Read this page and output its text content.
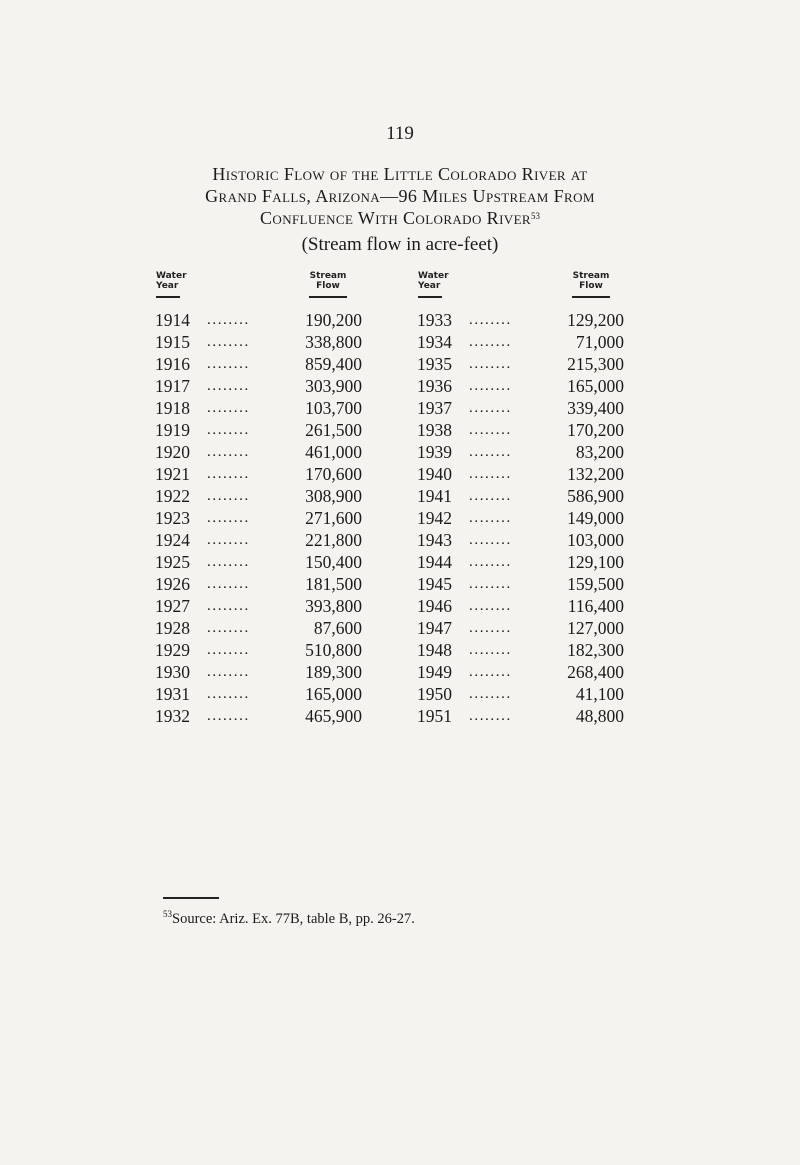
119
Historic Flow of the Little Colorado River at
Grand Falls, Arizona—96 Miles Upstream From
Confluence With Colorado River$^{53}$
(Stream flow in acre-feet)
Water
Year
Stream
Flow
Water
Year
Stream
Flow
1914 ........	190,200
1915 ........	338,800
1916 ........	859,400
1917 ........	303,900
1918 ........	103,700
1919 ........	261,500
1920 ........	461,000
1921 ........	170,600
1922 ........	308,900
1923 ........	271,600
1924 ........	221,800
1925 ........	150,400
1926 ........	181,500
1927 ........	393,800
1928 ........	87,600
1929 ........	510,800
1930 ........	189,300
1931 ........	165,000
1932 ........	465,900
1933 ........	129,200
1934 ........	71,000
1935 ........	215,300
1936 ........	165,000
1937 ........	339,400
1938 ........	170,200
1939 ........	83,200
1940 ........	132,200
1941 ........	586,900
1942 ........	149,000
1943 ........	103,000
1944 ........	129,100
1945 ........	159,500
1946 ........	116,400
1947 ........	127,000
1948 ........	182,300
1949 ........	268,400
1950 ........	41,100
1951 ........	48,800
$^{53}$Source: Ariz. Ex. 77B, table B, pp. 26-27.
